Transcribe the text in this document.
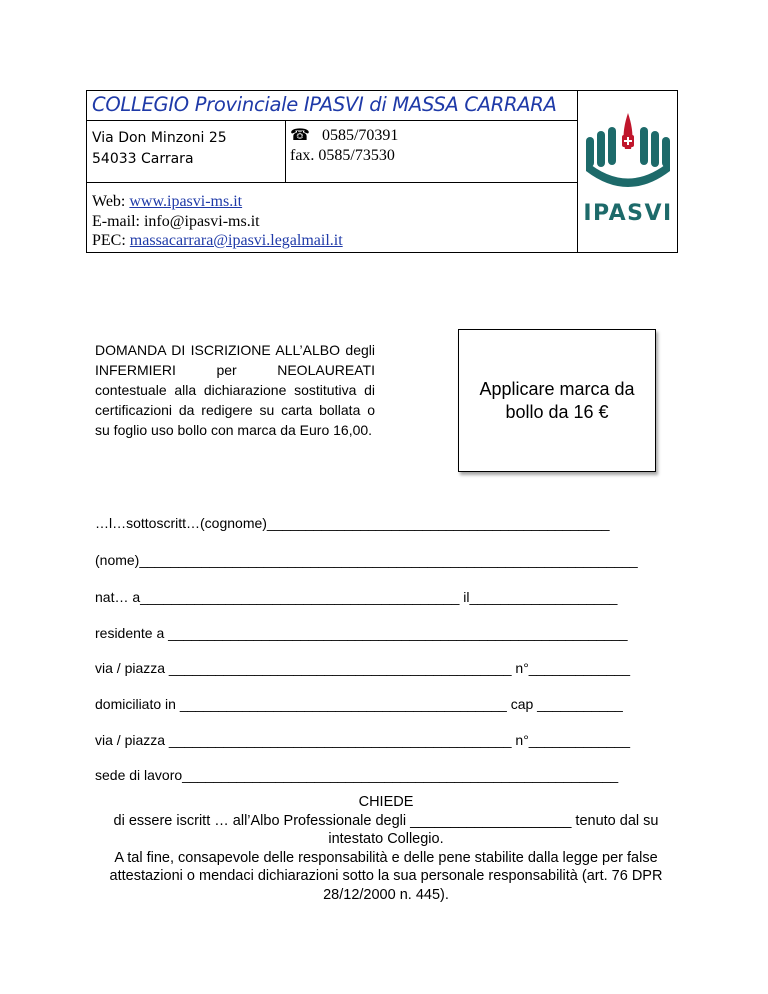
COLLEGIO Provinciale IPASVI di MASSA CARRARA
Via Don Minzoni 25
54033 Carrara
☎ 0585/70391
fax. 0585/73530
Web: www.ipasvi-ms.it
E-mail: info@ipasvi-ms.it
PEC: massacarrara@ipasvi.legalmail.it
IPASVI
DOMANDA DI ISCRIZIONE ALL’ALBO degli INFERMIERI per NEOLAUREATI contestuale alla dichiarazione sostitutiva di certificazioni da redigere su carta bollata o su foglio uso bollo con marca da Euro 16,00.
Applicare marca da
bollo da 16 €
…l…sottoscritt…(cognome)____________________________________________
(nome)________________________________________________________________
nat… a_________________________________________ il___________________
residente a ___________________________________________________________
via / piazza ____________________________________________ n°_____________
domiciliato in __________________________________________ cap ___________
via / piazza ____________________________________________ n°_____________
sede di lavoro________________________________________________________
CHIEDE
di essere iscritt … all’Albo Professionale degli ____________________ tenuto dal su intestato Collegio.
A tal fine, consapevole delle responsabilità e delle pene stabilite dalla legge per false attestazioni o mendaci dichiarazioni sotto la sua personale responsabilità (art. 76 DPR 28/12/2000 n. 445).
